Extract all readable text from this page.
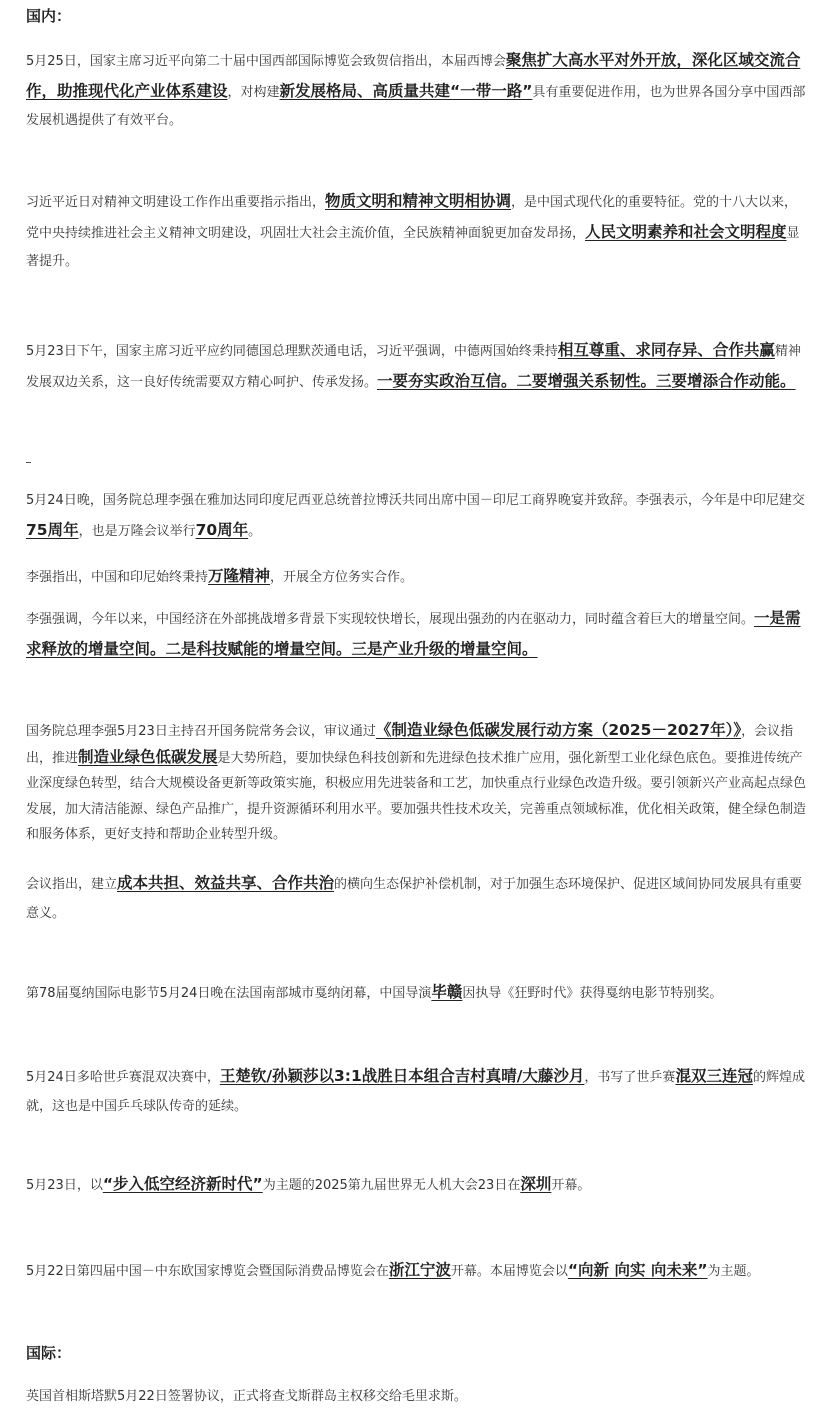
国内：

5月25日，国家主席习近平向第二十届中国西部国际博览会致贺信指出，本届西博会聚焦扩大高水平对外开放，深化区域交流合作，助推现代化产业体系建设，对构建新发展格局、高质量共建“一带一路”具有重要促进作用，也为世界各国分享中国西部发展机遇提供了有效平台。

习近平近日对精神文明建设工作作出重要指示指出，物质文明和精神文明相协调，是中国式现代化的重要特征。党的十八大以来，党中央持续推进社会主义精神文明建设，巩固壮大社会主流价值，全民族精神面貌更加奋发昂扬，人民文明素养和社会文明程度显著提升。

5月23日下午，国家主席习近平应约同德国总理默茨通电话，习近平强调，中德两国始终秉持相互尊重、求同存异、合作共赢精神发展双边关系，这一良好传统需要双方精心呵护、传承发扬。一要夯实政治互信。二要增强关系韧性。三要增添合作动能。

5月24日晚，国务院总理李强在雅加达同印度尼西亚总统普拉博沃共同出席中国－印尼工商界晚宴并致辞。李强表示，今年是中印尼建交75周年，也是万隆会议举行70周年。

李强指出，中国和印尼始终秉持万隆精神，开展全方位务实合作。

李强强调，今年以来，中国经济在外部挑战增多背景下实现较快增长，展现出强劲的内在驱动力，同时蕴含着巨大的增量空间。一是需求释放的增量空间。二是科技赋能的增量空间。三是产业升级的增量空间。

国务院总理李强5月23日主持召开国务院常务会议，审议通过《制造业绿色低碳发展行动方案（2025－2027年）》，会议指出，推进制造业绿色低碳发展是大势所趋，要加快绿色科技创新和先进绿色技术推广应用，强化新型工业化绿色底色。要推进传统产业深度绿色转型，结合大规模设备更新等政策实施，积极应用先进装备和工艺，加快重点行业绿色改造升级。要引领新兴产业高起点绿色发展，加大清洁能源、绿色产品推广，提升资源循环利用水平。要加强共性技术攻关，完善重点领域标准，优化相关政策，健全绿色制造和服务体系，更好支持和帮助企业转型升级。

会议指出，建立成本共担、效益共享、合作共治的横向生态保护补偿机制，对于加强生态环境保护、促进区域间协同发展具有重要意义。

第78届戛纳国际电影节5月24日晚在法国南部城市戛纳闭幕，中国导演毕赣因执导《狂野时代》获得戛纳电影节特别奖。

5月24日多哈世乒赛混双决赛中，王楚钦/孙颖莎以3:1战胜日本组合吉村真晴/大藤沙月，书写了世乒赛混双三连冠的辉煌成就，这也是中国乒乓球队传奇的延续。

5月23日，以“步入低空经济新时代”为主题的2025第九届世界无人机大会23日在深圳开幕。

5月22日第四届中国－中东欧国家博览会暨国际消费品博览会在浙江宁波开幕。本届博览会以“向新 向实 向未来”为主题。

国际：

英国首相斯塔默5月22日签署协议，正式将查戈斯群岛主权移交给毛里求斯。
